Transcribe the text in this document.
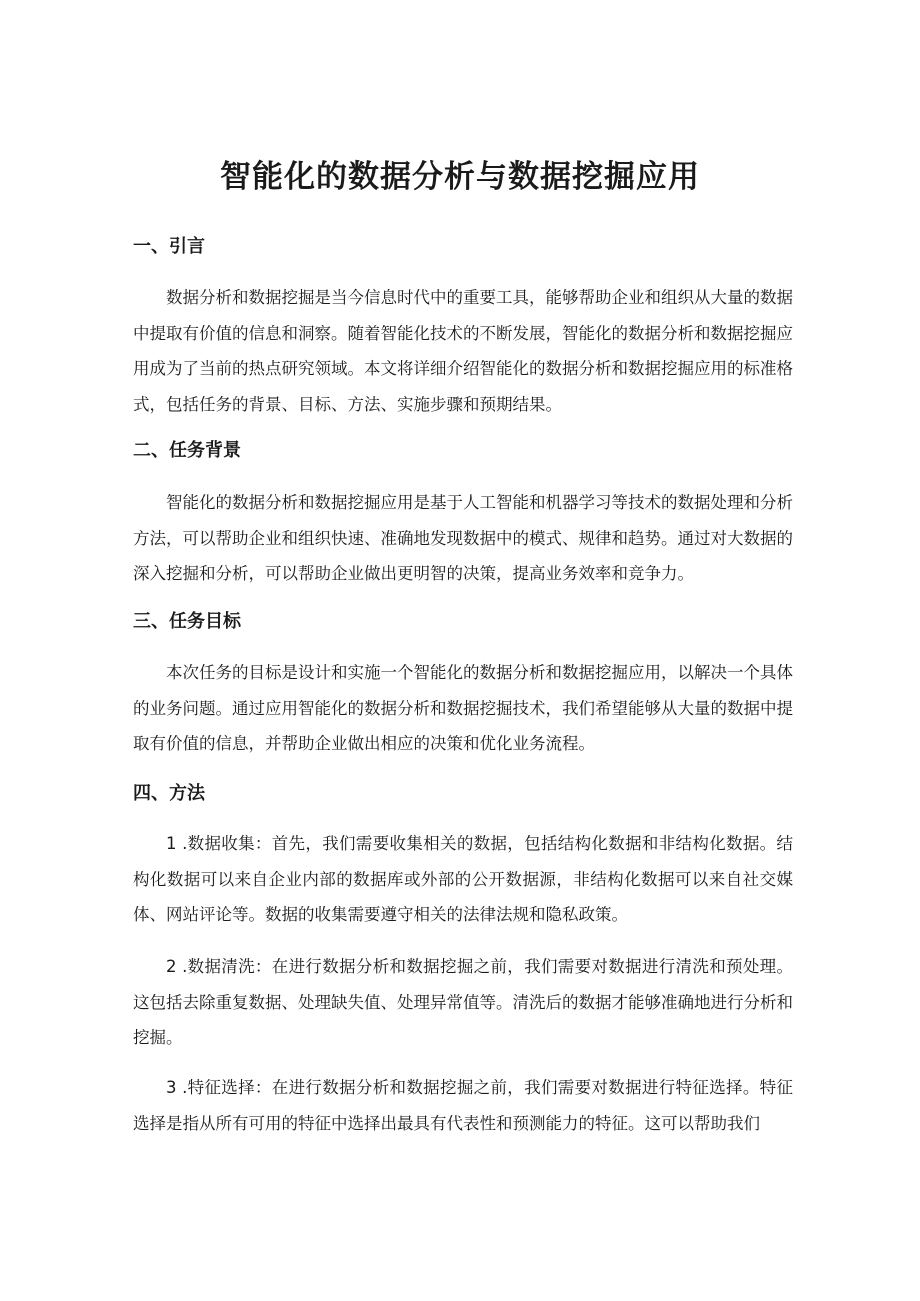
智能化的数据分析与数据挖掘应用
一、引言

数据分析和数据挖掘是当今信息时代中的重要工具，能够帮助企业和组织从大量的数据中提取有价值的信息和洞察。随着智能化技术的不断发展，智能化的数据分析和数据挖掘应用成为了当前的热点研究领域。本文将详细介绍智能化的数据分析和数据挖掘应用的标准格式，包括任务的背景、目标、方法、实施步骤和预期结果。

二、任务背景

智能化的数据分析和数据挖掘应用是基于人工智能和机器学习等技术的数据处理和分析方法，可以帮助企业和组织快速、准确地发现数据中的模式、规律和趋势。通过对大数据的深入挖掘和分析，可以帮助企业做出更明智的决策，提高业务效率和竞争力。

三、任务目标

本次任务的目标是设计和实施一个智能化的数据分析和数据挖掘应用，以解决一个具体的业务问题。通过应用智能化的数据分析和数据挖掘技术，我们希望能够从大量的数据中提取有价值的信息，并帮助企业做出相应的决策和优化业务流程。

四、方法

1 .数据收集：首先，我们需要收集相关的数据，包括结构化数据和非结构化数据。结构化数据可以来自企业内部的数据库或外部的公开数据源，非结构化数据可以来自社交媒体、网站评论等。数据的收集需要遵守相关的法律法规和隐私政策。

2 .数据清洗：在进行数据分析和数据挖掘之前，我们需要对数据进行清洗和预处理。这包括去除重复数据、处理缺失值、处理异常值等。清洗后的数据才能够准确地进行分析和挖掘。

3 .特征选择：在进行数据分析和数据挖掘之前，我们需要对数据进行特征选择。特征选择是指从所有可用的特征中选择出最具有代表性和预测能力的特征。这可以帮助我们
